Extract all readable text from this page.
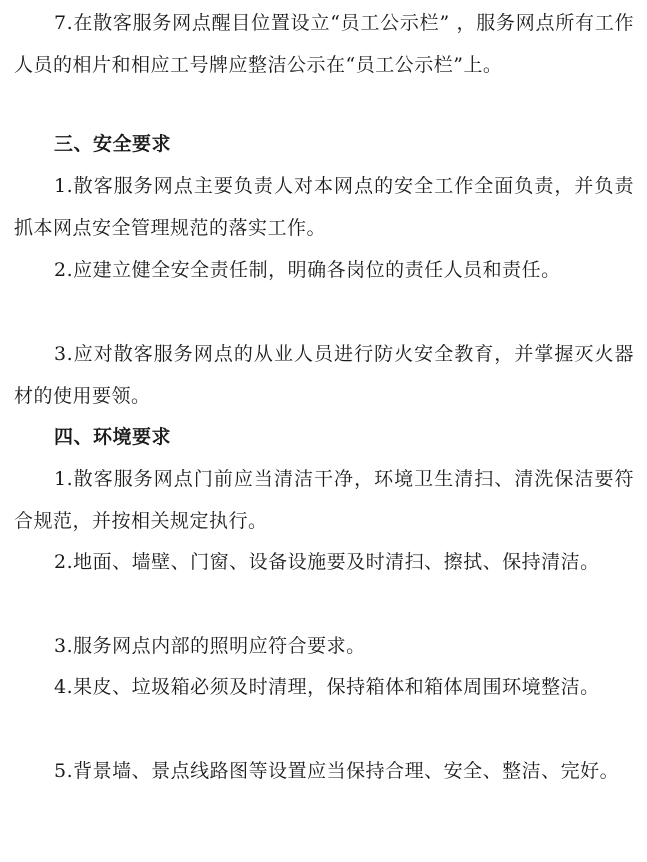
7.在散客服务网点醒目位置设立“员工公示栏” ，服务网点所有工作人员的相片和相应工号牌应整洁公示在“员工公示栏”上。

三、安全要求

1.散客服务网点主要负责人对本网点的安全工作全面负责，并负责抓本网点安全管理规范的落实工作。

2.应建立健全安全责任制，明确各岗位的责任人员和责任。

3.应对散客服务网点的从业人员进行防火安全教育，并掌握灭火器材的使用要领。

四、环境要求

1.散客服务网点门前应当清洁干净，环境卫生清扫、清洗保洁要符合规范，并按相关规定执行。

2.地面、墙壁、门窗、设备设施要及时清扫、擦拭、保持清洁。

3.服务网点内部的照明应符合要求。

4.果皮、垃圾箱必须及时清理，保持箱体和箱体周围环境整洁。

5.背景墙、景点线路图等设置应当保持合理、安全、整洁、完好。
